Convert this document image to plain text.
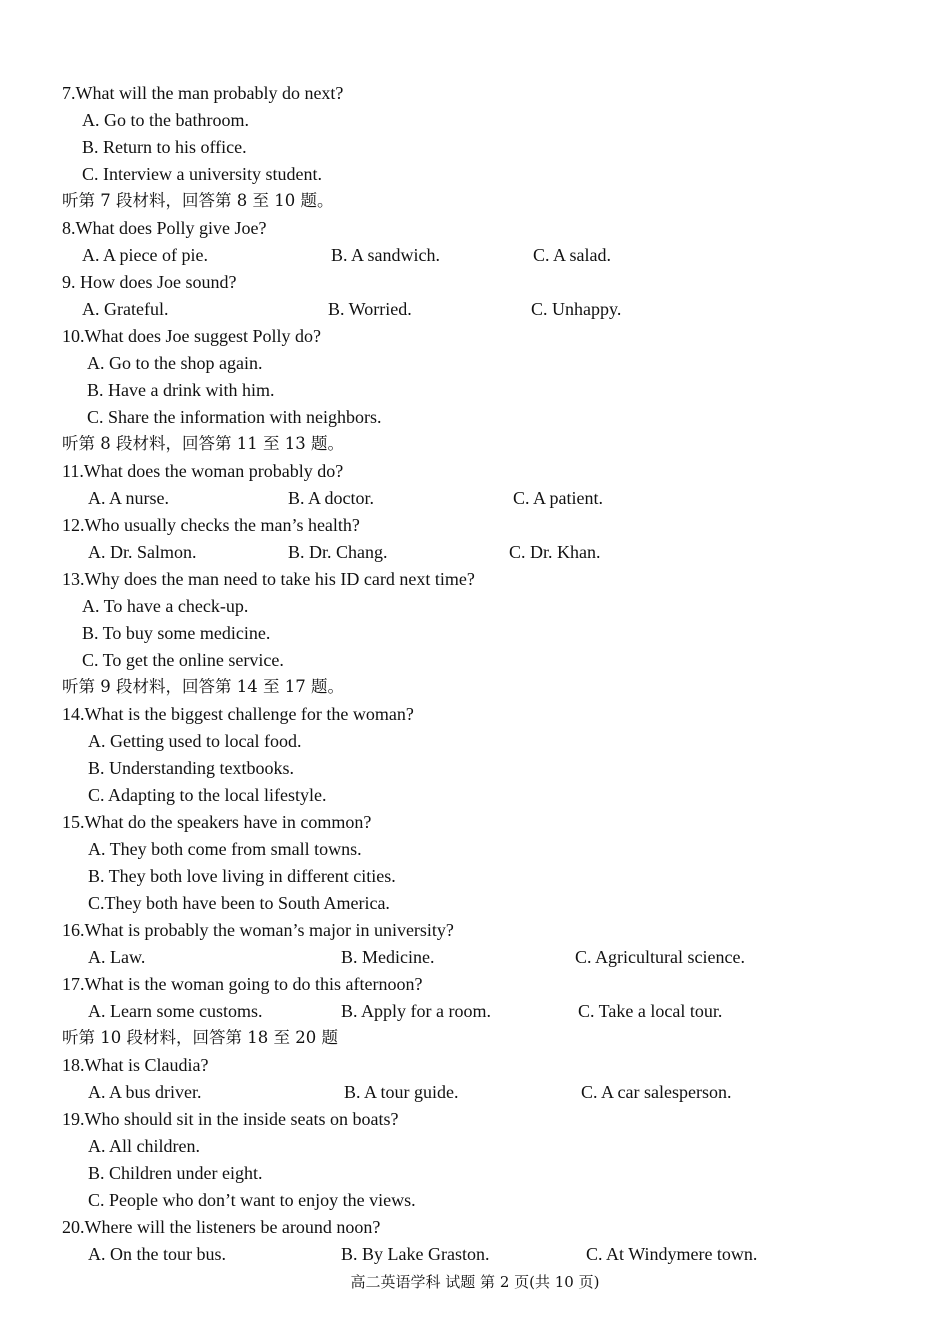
7.What will the man probably do next?
A. Go to the bathroom.
B. Return to his office.
C. Interview a university student.
听第 7 段材料，回答第 8 至 10 题。
8.What does Polly give Joe?
A. A piece of pie.	B. A sandwich.	C. A salad.
9. How does Joe sound?
A. Grateful.	B. Worried.	C. Unhappy.
10.What does Joe suggest Polly do?
A. Go to the shop again.
B. Have a drink with him.
C. Share the information with neighbors.
听第 8 段材料，回答第 11 至 13 题。
11.What does the woman probably do?
A. A nurse.	B. A doctor.	C. A patient.
12.Who usually checks the man’s health?
A. Dr. Salmon.	B. Dr. Chang.	C. Dr. Khan.
13.Why does the man need to take his ID card next time?
A. To have a check-up.
B. To buy some medicine.
C. To get the online service.
听第 9 段材料，回答第 14 至 17 题。
14.What is the biggest challenge for the woman?
A. Getting used to local food.
B. Understanding textbooks.
C. Adapting to the local lifestyle.
15.What do the speakers have in common?
A. They both come from small towns.
B. They both love living in different cities.
C.They both have been to South America.
16.What is probably the woman’s major in university?
A. Law.	B. Medicine.	C. Agricultural science.
17.What is the woman going to do this afternoon?
A. Learn some customs.	B. Apply for a room.	C. Take a local tour.
听第 10 段材料，回答第 18 至 20 题
18.What is Claudia?
A. A bus driver.	B. A tour guide.	C. A car salesperson.
19.Who should sit in the inside seats on boats?
A. All children.
B. Children under eight.
C. People who don’t want to enjoy the views.
20.Where will the listeners be around noon?
A. On the tour bus.	B. By Lake Graston.	C. At Windymere town.
高二英语学科 试题 第 2 页(共 10 页)
